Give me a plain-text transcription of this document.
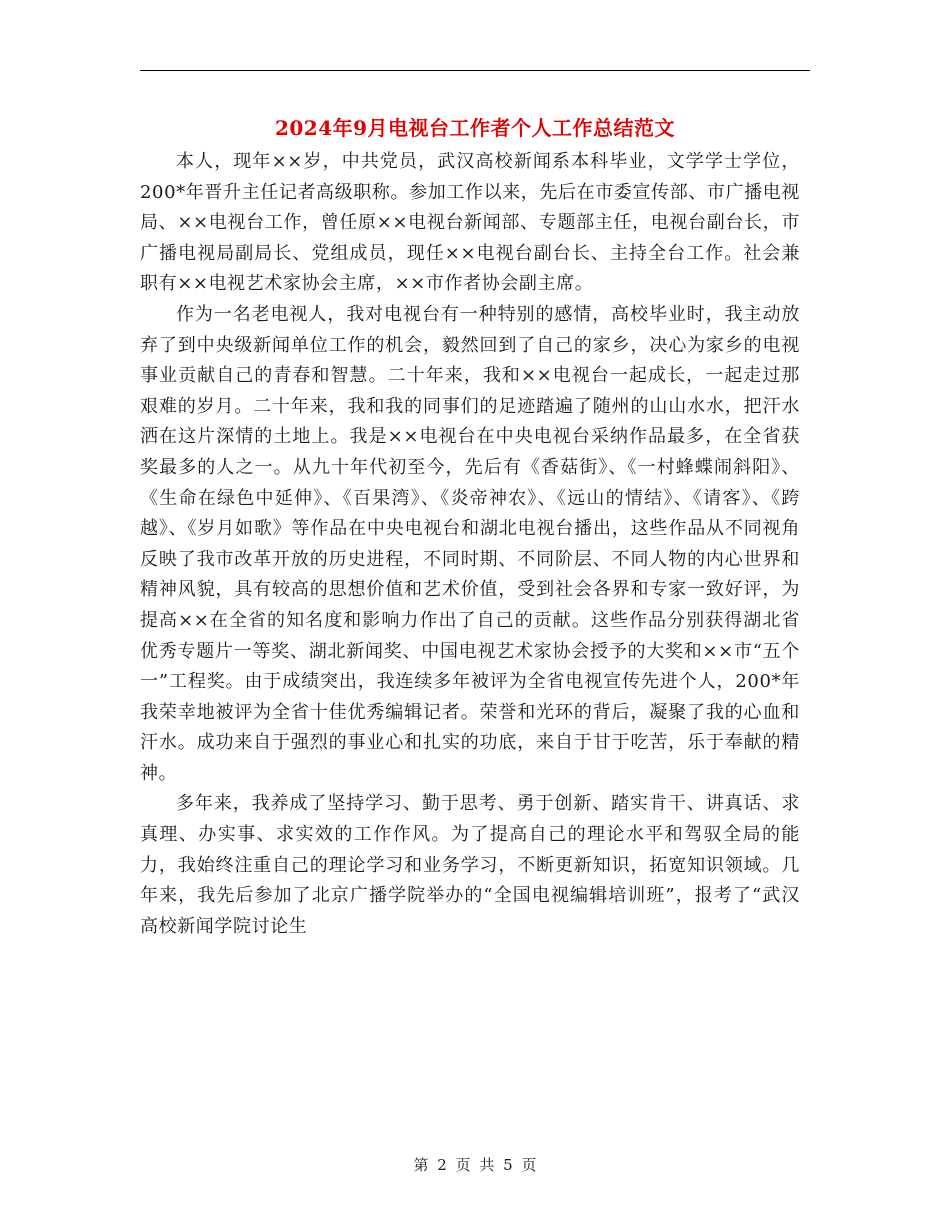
2024年9月电视台工作者个人工作总结范文

本人，现年××岁，中共党员，武汉高校新闻系本科毕业，文学学士学位，200*年晋升主任记者高级职称。参加工作以来，先后在市委宣传部、市广播电视局、××电视台工作，曾任原××电视台新闻部、专题部主任，电视台副台长，市广播电视局副局长、党组成员，现任××电视台副台长、主持全台工作。社会兼职有××电视艺术家协会主席，××市作者协会副主席。

作为一名老电视人，我对电视台有一种特别的感情，高校毕业时，我主动放弃了到中央级新闻单位工作的机会，毅然回到了自己的家乡，决心为家乡的电视事业贡献自己的青春和智慧。二十年来，我和××电视台一起成长，一起走过那艰难的岁月。二十年来，我和我的同事们的足迹踏遍了随州的山山水水，把汗水洒在这片深情的土地上。我是××电视台在中央电视台采纳作品最多，在全省获奖最多的人之一。从九十年代初至今，先后有《香菇街》、《一村蜂蝶闹斜阳》、《生命在绿色中延伸》、《百果湾》、《炎帝神农》、《远山的情结》、《请客》、《跨越》、《岁月如歌》等作品在中央电视台和湖北电视台播出，这些作品从不同视角反映了我市改革开放的历史进程，不同时期、不同阶层、不同人物的内心世界和精神风貌，具有较高的思想价值和艺术价值，受到社会各界和专家一致好评，为提高××在全省的知名度和影响力作出了自己的贡献。这些作品分别获得湖北省优秀专题片一等奖、湖北新闻奖、中国电视艺术家协会授予的大奖和××市“五个一”工程奖。由于成绩突出，我连续多年被评为全省电视宣传先进个人，200*年我荣幸地被评为全省十佳优秀编辑记者。荣誉和光环的背后，凝聚了我的心血和汗水。成功来自于强烈的事业心和扎实的功底，来自于甘于吃苦，乐于奉献的精神。

多年来，我养成了坚持学习、勤于思考、勇于创新、踏实肯干、讲真话、求真理、办实事、求实效的工作作风。为了提高自己的理论水平和驾驭全局的能力，我始终注重自己的理论学习和业务学习，不断更新知识，拓宽知识领域。几年来，我先后参加了北京广播学院举办的“全国电视编辑培训班”，报考了“武汉高校新闻学院讨论生

第 2 页 共 5 页
